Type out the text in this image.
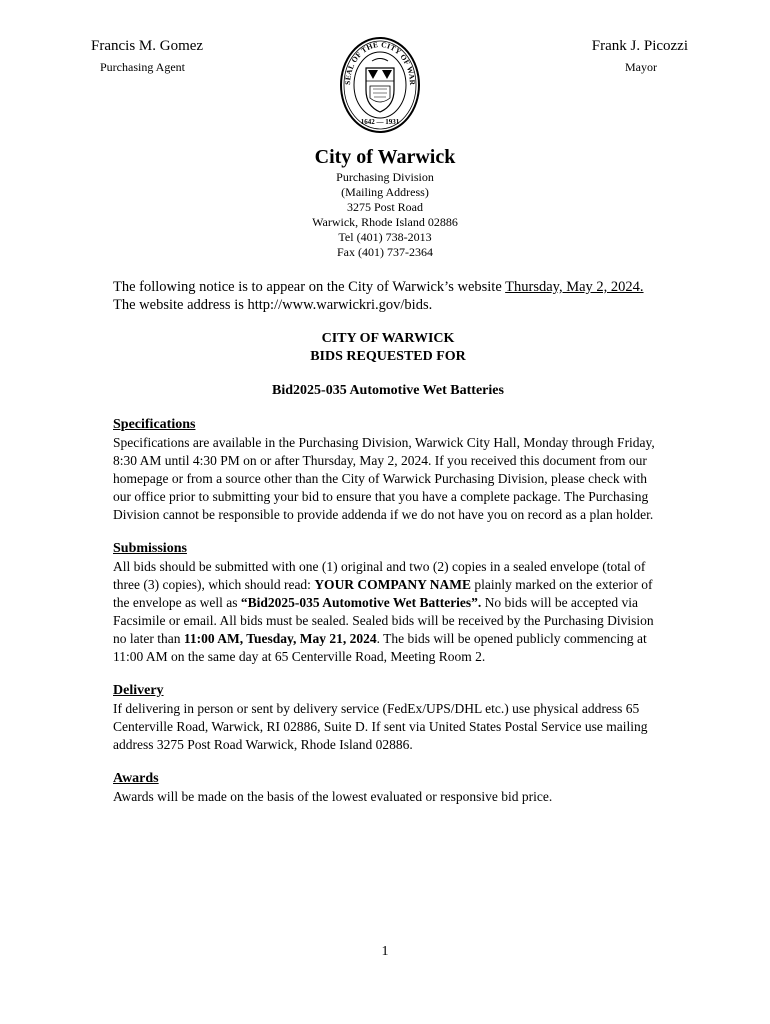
Francis M. Gomez
Purchasing Agent
Frank J. Picozzi
Mayor
SEAL OF THE CITY OF WAR
1642 — 1931
City of Warwick
Purchasing Division
(Mailing Address)
3275 Post Road
Warwick, Rhode Island 02886
Tel (401) 738-2013
Fax (401) 737-2364

The following notice is to appear on the City of Warwick’s website Thursday, May 2, 2024. The website address is http://www.warwickri.gov/bids.

CITY OF WARWICK
BIDS REQUESTED FOR
Bid2025-035 Automotive Wet Batteries
Specifications

Specifications are available in the Purchasing Division, Warwick City Hall, Monday through Friday, 8:30 AM until 4:30 PM on or after Thursday, May 2, 2024. If you received this document from our homepage or from a source other than the City of Warwick Purchasing Division, please check with our office prior to submitting your bid to ensure that you have a complete package. The Purchasing Division cannot be responsible to provide addenda if we do not have you on record as a plan holder.

Submissions

All bids should be submitted with one (1) original and two (2) copies in a sealed envelope (total of three (3) copies), which should read: YOUR COMPANY NAME plainly marked on the exterior of the envelope as well as “Bid2025-035 Automotive Wet Batteries”. No bids will be accepted via Facsimile or email. All bids must be sealed. Sealed bids will be received by the Purchasing Division no later than 11:00 AM, Tuesday, May 21, 2024. The bids will be opened publicly commencing at 11:00 AM on the same day at 65 Centerville Road, Meeting Room 2.

Delivery

If delivering in person or sent by delivery service (FedEx/UPS/DHL etc.) use physical address 65 Centerville Road, Warwick, RI 02886, Suite D. If sent via United States Postal Service use mailing address 3275 Post Road Warwick, Rhode Island 02886.

Awards

Awards will be made on the basis of the lowest evaluated or responsive bid price.

1
